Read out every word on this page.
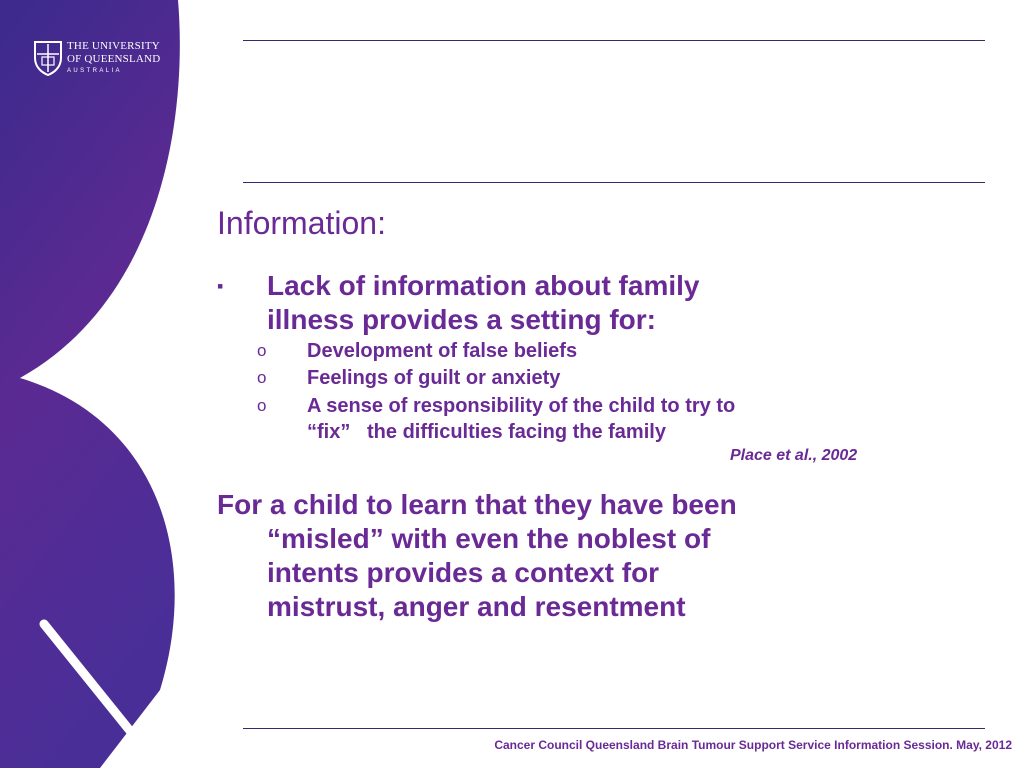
THE UNIVERSITY
OF QUEENSLAND
AUSTRALIA
Information:
▪ Lack of information about family
illness provides a setting for:
o Development of false beliefs
o Feelings of guilt or anxiety
o A sense of responsibility of the child to try to
“fix”   the difficulties facing the family
Place et al., 2002
For a child to learn that they have been
“misled” with even the noblest of
intents provides a context for
mistrust, anger and resentment
Cancer Council Queensland Brain Tumour Support Service Information Session. May, 2012
